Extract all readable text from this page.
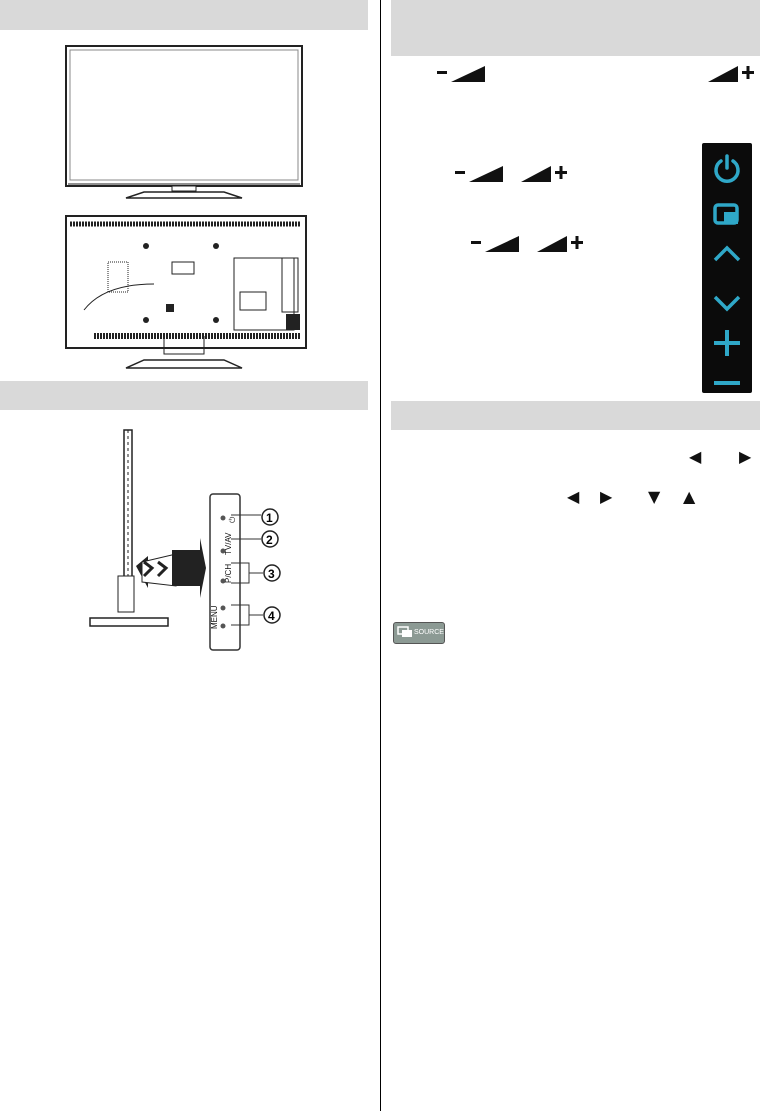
⏻
TV/AV
P/CH
MENU
1
2
3
4
◀ ▶
◀ ▶ ▼ ▲
SOURCE
